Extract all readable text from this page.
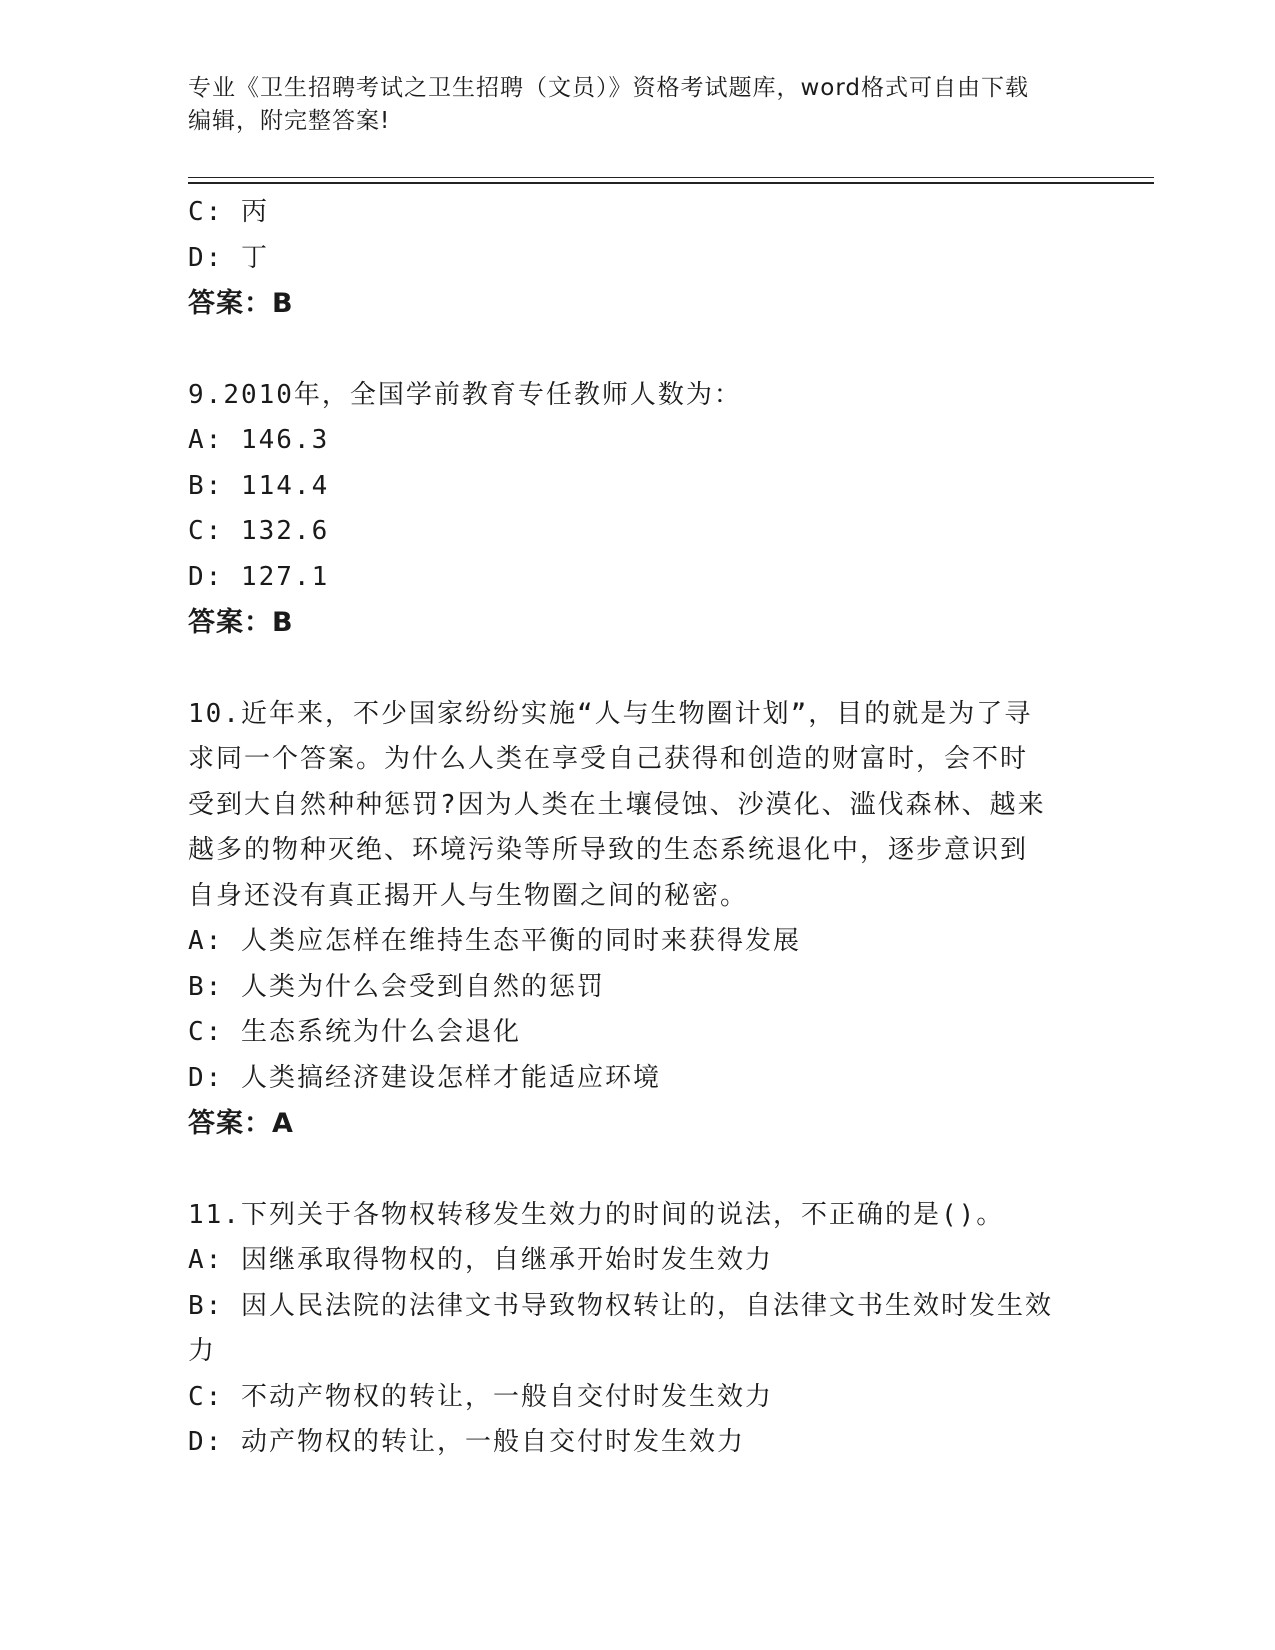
专业《卫生招聘考试之卫生招聘（文员）》资格考试题库，word格式可自由下载
编辑，附完整答案!
C: 丙
D: 丁
答案：B
9.2010年，全国学前教育专任教师人数为：
A: 146.3
B: 114.4
C: 132.6
D: 127.1
答案：B
10.近年来，不少国家纷纷实施“人与生物圈计划”，目的就是为了寻
求同一个答案。为什么人类在享受自己获得和创造的财富时，会不时
受到大自然种种惩罚?因为人类在土壤侵蚀、沙漠化、滥伐森林、越来
越多的物种灭绝、环境污染等所导致的生态系统退化中，逐步意识到
自身还没有真正揭开人与生物圈之间的秘密。
A: 人类应怎样在维持生态平衡的同时来获得发展
B: 人类为什么会受到自然的惩罚
C: 生态系统为什么会退化
D: 人类搞经济建设怎样才能适应环境
答案：A
11.下列关于各物权转移发生效力的时间的说法，不正确的是()。
A: 因继承取得物权的，自继承开始时发生效力
B: 因人民法院的法律文书导致物权转让的，自法律文书生效时发生效
力
C: 不动产物权的转让，一般自交付时发生效力
D: 动产物权的转让，一般自交付时发生效力
